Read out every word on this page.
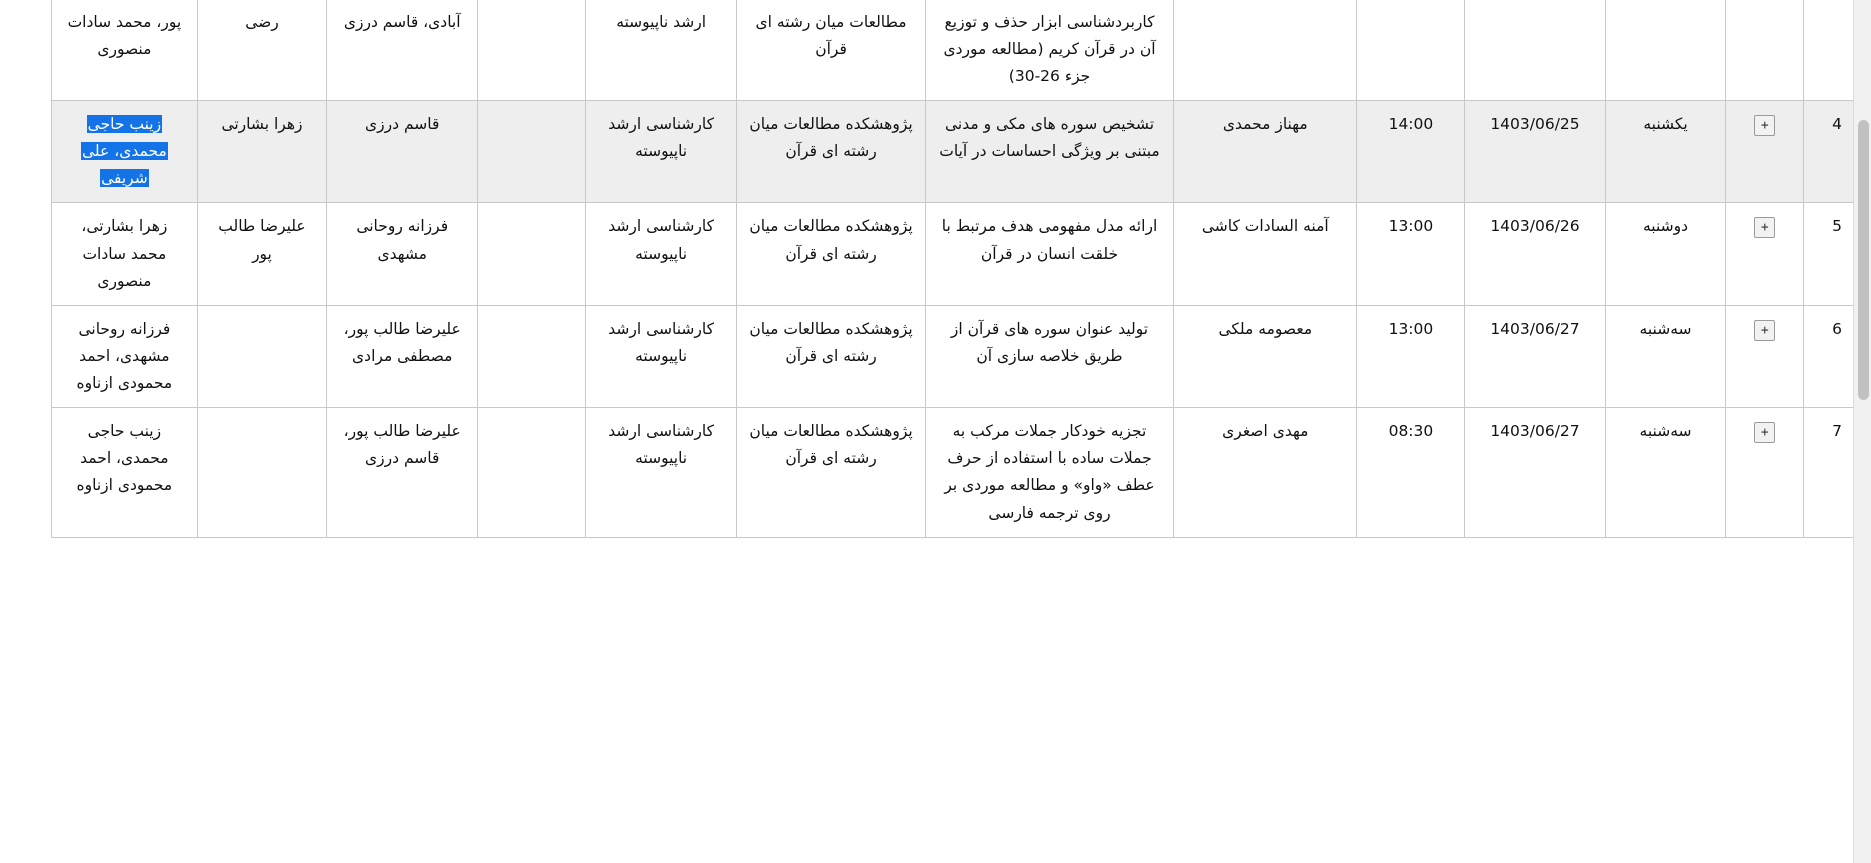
						کاربردشناسی ابزار حذف و توزیع آن در قرآن کریم (مطالعه موردی جزء 26-30)	مطالعات میان رشته ای قرآن	ارشد ناپیوسته		آبادی، قاسم درزی	رضی	پور، محمد سادات منصوری
4	+	یکشنبه	1403/06/25	14:00	مهناز محمدی	تشخیص سوره های مکی و مدنی مبتنی بر ویژگی احساسات در آیات	پژوهشکده مطالعات میان رشته ای قرآن	کارشناسی ارشد ناپیوسته		قاسم درزی	زهرا بشارتی	زینب حاجی محمدی، علی شریفی
5	+	دوشنبه	1403/06/26	13:00	آمنه السادات کاشی	ارائه مدل مفهومی هدف مرتبط با خلقت انسان در قرآن	پژوهشکده مطالعات میان رشته ای قرآن	کارشناسی ارشد ناپیوسته		فرزانه روحانی مشهدی	علیرضا طالب پور	زهرا بشارتی، محمد سادات منصوری
6	+	سه‌شنبه	1403/06/27	13:00	معصومه ملکی	تولید عنوان سوره های قرآن از طریق خلاصه سازی آن	پژوهشکده مطالعات میان رشته ای قرآن	کارشناسی ارشد ناپیوسته		علیرضا طالب پور، مصطفی مرادی		فرزانه روحانی مشهدی، احمد محمودی ازناوه
7	+	سه‌شنبه	1403/06/27	08:30	مهدی اصغری	تجزیه خودکار جملات مرکب به جملات ساده با استفاده از حرف عطف «واو» و مطالعه موردی بر روی ترجمه فارسی	پژوهشکده مطالعات میان رشته ای قرآن	کارشناسی ارشد ناپیوسته		علیرضا طالب پور، قاسم درزی		زینب حاجی محمدی، احمد محمودی ازناوه
